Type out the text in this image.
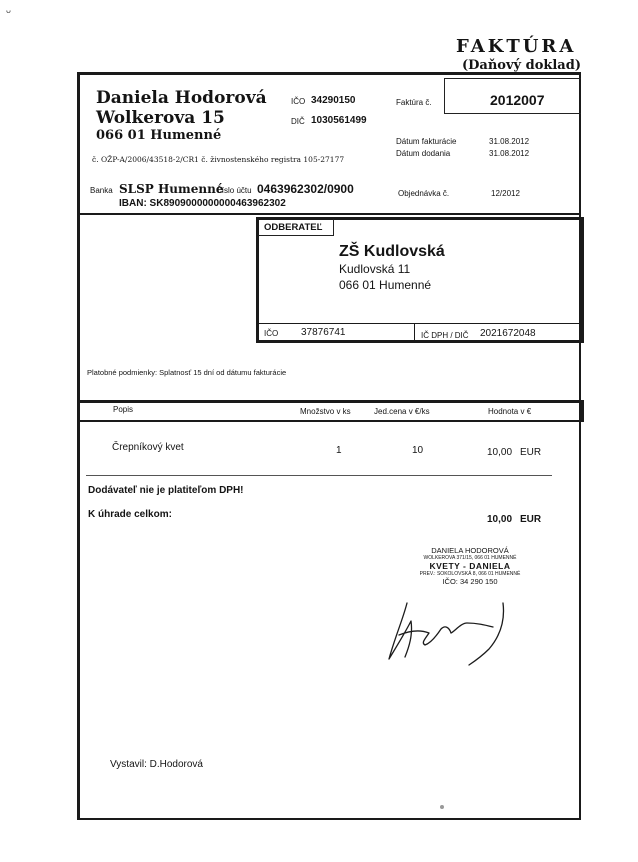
ᵕ
FAKTÚRA
(Daňový doklad)
Daniela Hodorová
Wolkerova 15
066 01 Humenné
IČO 34290150
DIČ 1030561499
č. OŽP-A/2006/43518-2/CR1 č. živnostenského registra 105-27177
Banka SLSP Humenné
Číslo účtu 0463962302/0900
IBAN: SK8909000000000463962302
Faktúra č.	2012007
Dátum fakturácie	31.08.2012
Dátum dodania	31.08.2012
Objednávka č.	12/2012
ODBERATEĽ
ZŠ Kudlovská
Kudlovská 11
066 01 Humenné
IČO 37876741	IČ DPH / DIČ 2021672048
Platobné podmienky: Splatnosť 15 dní od dátumu fakturácie
Popis	Množstvo v ks	Jed.cena v €/ks	Hodnota v €
Črepníkový kvet	1	10	10,00 EUR
Dodávateľ nie je platiteľom DPH!
K úhrade celkom:	10,00 EUR
DANIELA HODOROVÁ
WOLKEROVA 371/15, 066 01 HUMENNÉ
KVETY - DANIELA
PREV.: SOKOLOVSKÁ 8, 066 01 HUMENNÉ
IČO: 34 290 150
Vystavil: D.Hodorová
